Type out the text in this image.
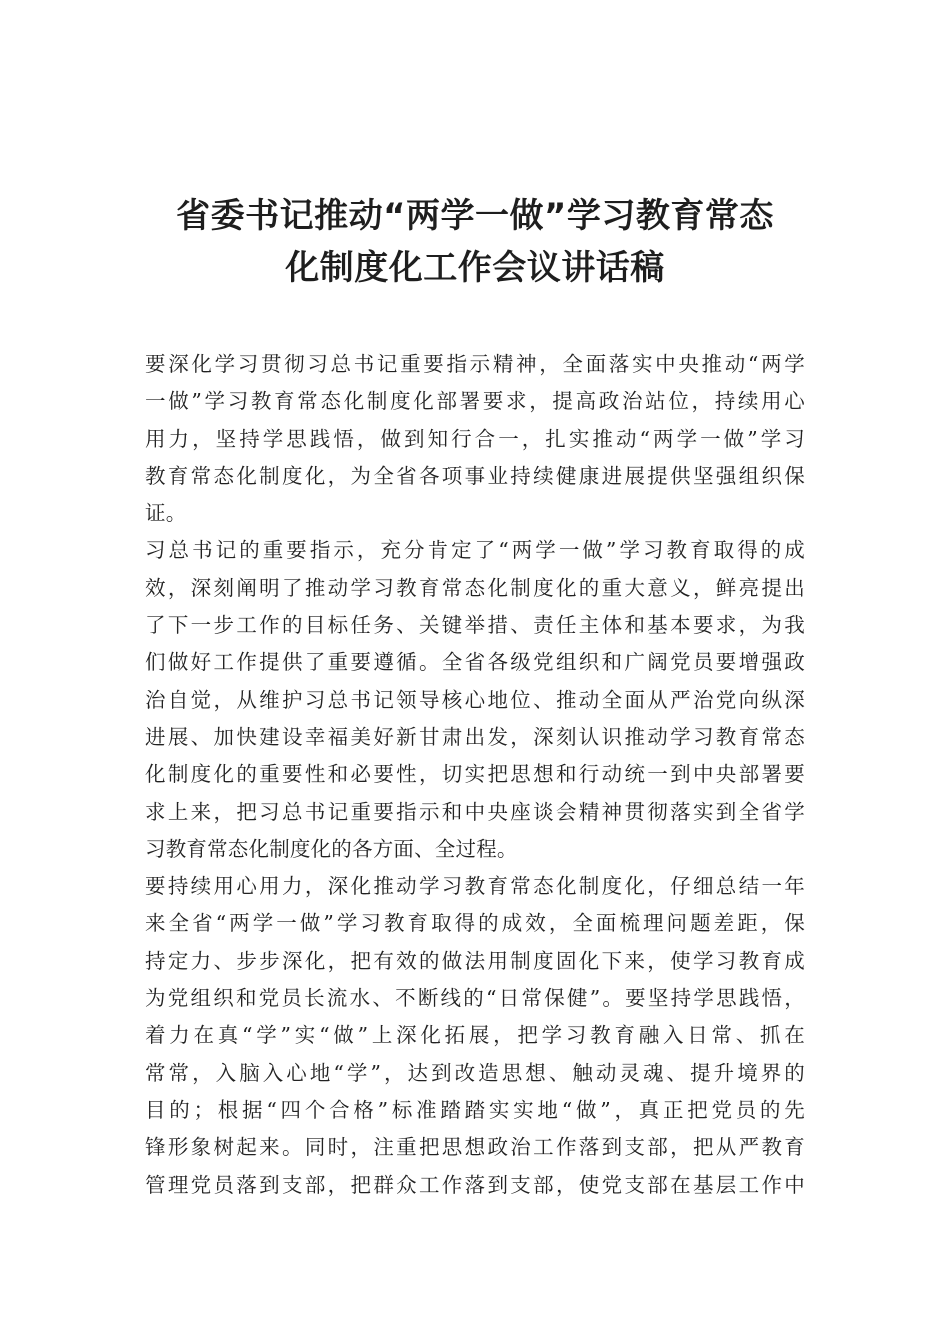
省委书记推动“两学一做”学习教育常态
化制度化工作会议讲话稿
要深化学习贯彻习总书记重要指示精神，全面落实中央推动“两学
一做”学习教育常态化制度化部署要求，提高政治站位，持续用心
用力，坚持学思践悟，做到知行合一，扎实推动“两学一做”学习
教育常态化制度化，为全省各项事业持续健康进展提供坚强组织保
证。
习总书记的重要指示，充分肯定了“两学一做”学习教育取得的成
效，深刻阐明了推动学习教育常态化制度化的重大意义，鲜亮提出
了下一步工作的目标任务、关键举措、责任主体和基本要求，为我
们做好工作提供了重要遵循。全省各级党组织和广阔党员要增强政
治自觉，从维护习总书记领导核心地位、推动全面从严治党向纵深
进展、加快建设幸福美好新甘肃出发，深刻认识推动学习教育常态
化制度化的重要性和必要性，切实把思想和行动统一到中央部署要
求上来，把习总书记重要指示和中央座谈会精神贯彻落实到全省学
习教育常态化制度化的各方面、全过程。
要持续用心用力，深化推动学习教育常态化制度化，仔细总结一年
来全省“两学一做”学习教育取得的成效，全面梳理问题差距，保
持定力、步步深化，把有效的做法用制度固化下来，使学习教育成
为党组织和党员长流水、不断线的“日常保健”。要坚持学思践悟，
着力在真“学”实“做”上深化拓展，把学习教育融入日常、抓在
常常，入脑入心地“学”，达到改造思想、触动灵魂、提升境界的
目的；根据“四个合格”标准踏踏实实地“做”，真正把党员的先
锋形象树起来。同时，注重把思想政治工作落到支部，把从严教育
管理党员落到支部，把群众工作落到支部，使党支部在基层工作中
